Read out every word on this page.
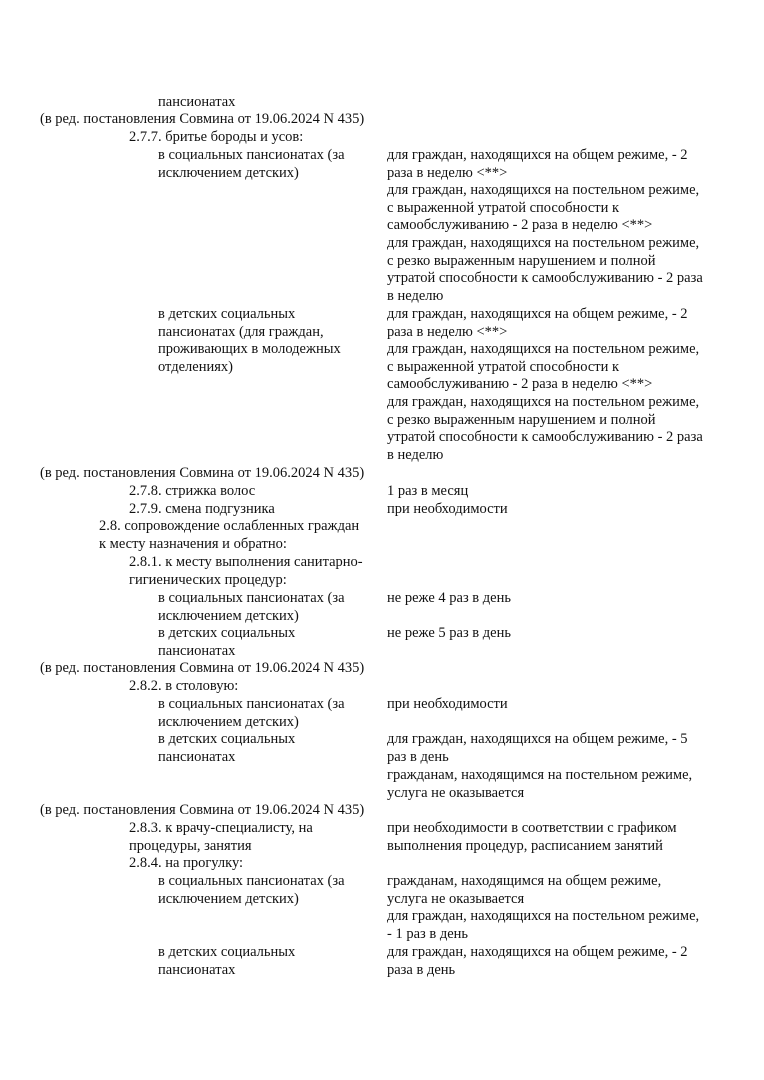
пансионатах
(в ред. постановления Совмина от 19.06.2024 N 435)
2.7.7. бритье бороды и усов:
в социальных пансионатах (за
исключением детских)
для граждан, находящихся на общем режиме, - 2
раза в неделю <**>
для граждан, находящихся на постельном режиме,
с выраженной утратой способности к
самообслуживанию - 2 раза в неделю <**>
для граждан, находящихся на постельном режиме,
с резко выраженным нарушением и полной
утратой способности к самообслуживанию - 2 раза
в неделю
в детских социальных
пансионатах (для граждан,
проживающих в молодежных
отделениях)
для граждан, находящихся на общем режиме, - 2
раза в неделю <**>
для граждан, находящихся на постельном режиме,
с выраженной утратой способности к
самообслуживанию - 2 раза в неделю <**>
для граждан, находящихся на постельном режиме,
с резко выраженным нарушением и полной
утратой способности к самообслуживанию - 2 раза
в неделю
(в ред. постановления Совмина от 19.06.2024 N 435)
2.7.8. стрижка волос	1 раз в месяц
2.7.9. смена подгузника	при необходимости
2.8. сопровождение ослабленных граждан
к месту назначения и обратно:
2.8.1. к месту выполнения санитарно-
гигиенических процедур:
в социальных пансионатах (за
исключением детских)
не реже 4 раз в день
в детских социальных
пансионатах
не реже 5 раз в день
(в ред. постановления Совмина от 19.06.2024 N 435)
2.8.2. в столовую:
в социальных пансионатах (за
исключением детских)
при необходимости
в детских социальных
пансионатах
для граждан, находящихся на общем режиме, - 5
раз в день
гражданам, находящимся на постельном режиме,
услуга не оказывается
(в ред. постановления Совмина от 19.06.2024 N 435)
2.8.3. к врачу-специалисту, на
процедуры, занятия
при необходимости в соответствии с графиком
выполнения процедур, расписанием занятий
2.8.4. на прогулку:
в социальных пансионатах (за
исключением детских)
гражданам, находящимся на общем режиме,
услуга не оказывается
для граждан, находящихся на постельном режиме,
- 1 раз в день
в детских социальных
пансионатах
для граждан, находящихся на общем режиме, - 2
раза в день
